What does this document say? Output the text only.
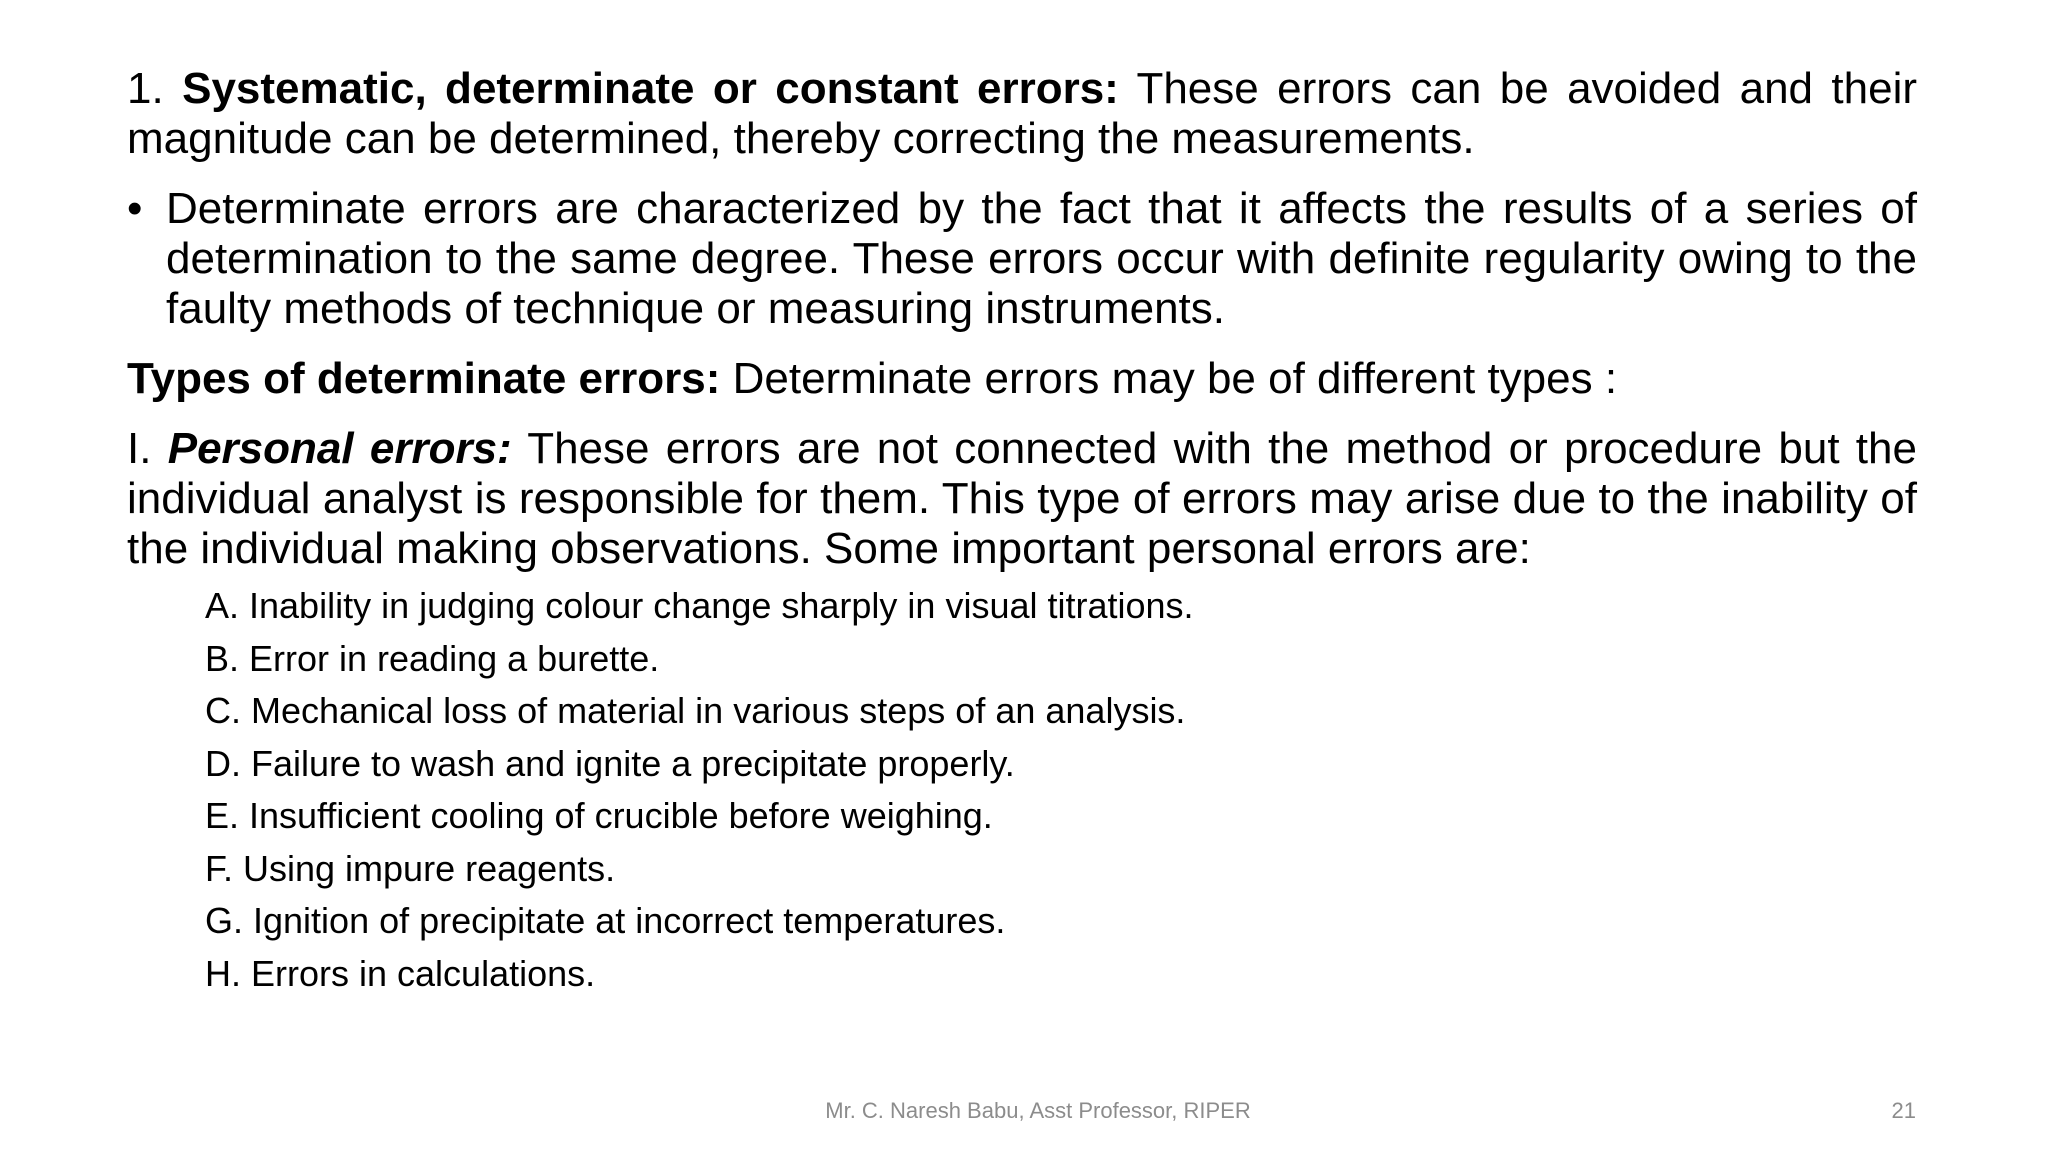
1. Systematic, determinate or constant errors: These errors can be avoided and their magnitude can be determined, thereby correcting the measurements.

• Determinate errors are characterized by the fact that it affects the results of a series of determination to the same degree. These errors occur with definite regularity owing to the faulty methods of technique or measuring instruments.

Types of determinate errors: Determinate errors may be of different types :

I. Personal errors: These errors are not connected with the method or procedure but the individual analyst is responsible for them. This type of errors may arise due to the inability of the individual making observations. Some important personal errors are:

A. Inability in judging colour change sharply in visual titrations.
B. Error in reading a burette.
C. Mechanical loss of material in various steps of an analysis.
D. Failure to wash and ignite a precipitate properly.
E. Insufficient cooling of crucible before weighing.
F. Using impure reagents.
G. Ignition of precipitate at incorrect temperatures.
H. Errors in calculations.
Mr. C. Naresh Babu, Asst Professor, RIPER	21
